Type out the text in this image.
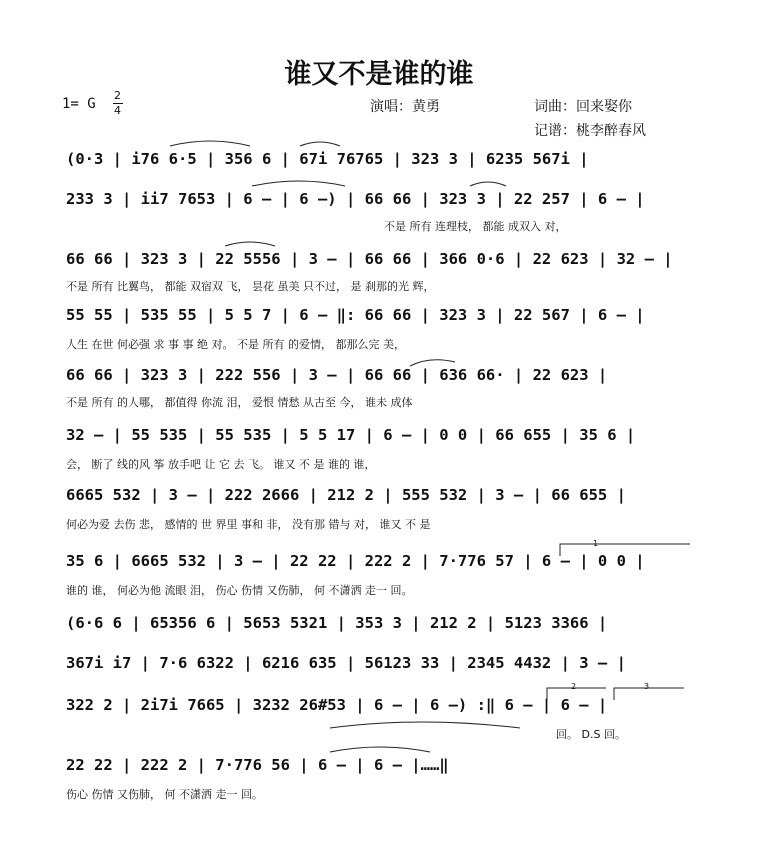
谁又不是谁的谁
1= G
2
4	演唱：黄勇	词曲：回来娶你
记谱：桃李醉春风
(0·3 | i76 6·5 | 356 6 | 67i 76765 | 323 3 | 6235 567i |
233 3 | ii7 7653 | 6 – | 6 –) | 66 66 | 323 3 | 22 257 | 6 – |
不是 所有 连理枝， 都能 成双入 对，
66 66 | 323 3 | 22 5556 | 3 – | 66 66 | 366 0·6 | 22 623 | 32 – |
不是 所有 比翼鸟， 都能 双宿双 飞， 昙花 虽美 只不过， 是 刹那的光 辉，
55 55 | 535 55 | 5 5 7 | 6 – ‖: 66 66 | 323 3 | 22 567 | 6 – |
人生 在世 何必强 求 事 事 绝 对。 不是 所有 的爱情， 都那么完 美，
66 66 | 323 3 | 222 556 | 3 – | 66 66 | 636 66· | 22 623 |
不是 所有 的人哪， 都值得 你流 泪， 爱恨 情愁 从古至 今， 谁未 成体
32 – | 55 535 | 55 535 | 5 5 17 | 6 – | 0 0 | 66 655 | 35 6 |
会， 断了 线的风 筝 放手吧 让 它 去 飞。 谁又 不 是 谁的 谁，
6665 532 | 3 – | 222 2666 | 212 2 | 555 532 | 3 – | 66 655 |
何必为爱 去伤 悲， 感情的 世 界里 事和 非， 没有那 错与 对， 谁又 不 是
35 6 | 6665 532 | 3 – | 22 22 | 222 2 | 7·776 57 | 6 – | 0 0 |
谁的 谁， 何必为他 流眼 泪， 伤心 伤情 又伤肺， 何 不潇洒 走一 回。
(6·6 6 | 65356 6 | 5653 5321 | 353 3 | 212 2 | 5123 3366 |
367i i7 | 7·6 6322 | 6216 635 | 56123 33 | 2345 4432 | 3 – |
322 2 | 2i7i 7665 | 3232 26#53 | 6 – | 6 –) :‖ 6 – | 6 – |
回。 D.S 回。
22 22 | 222 2 | 7·776 56 | 6 – | 6 – |……‖
伤心 伤情 又伤肺， 何 不潇洒 走一 回。
1
2	3
